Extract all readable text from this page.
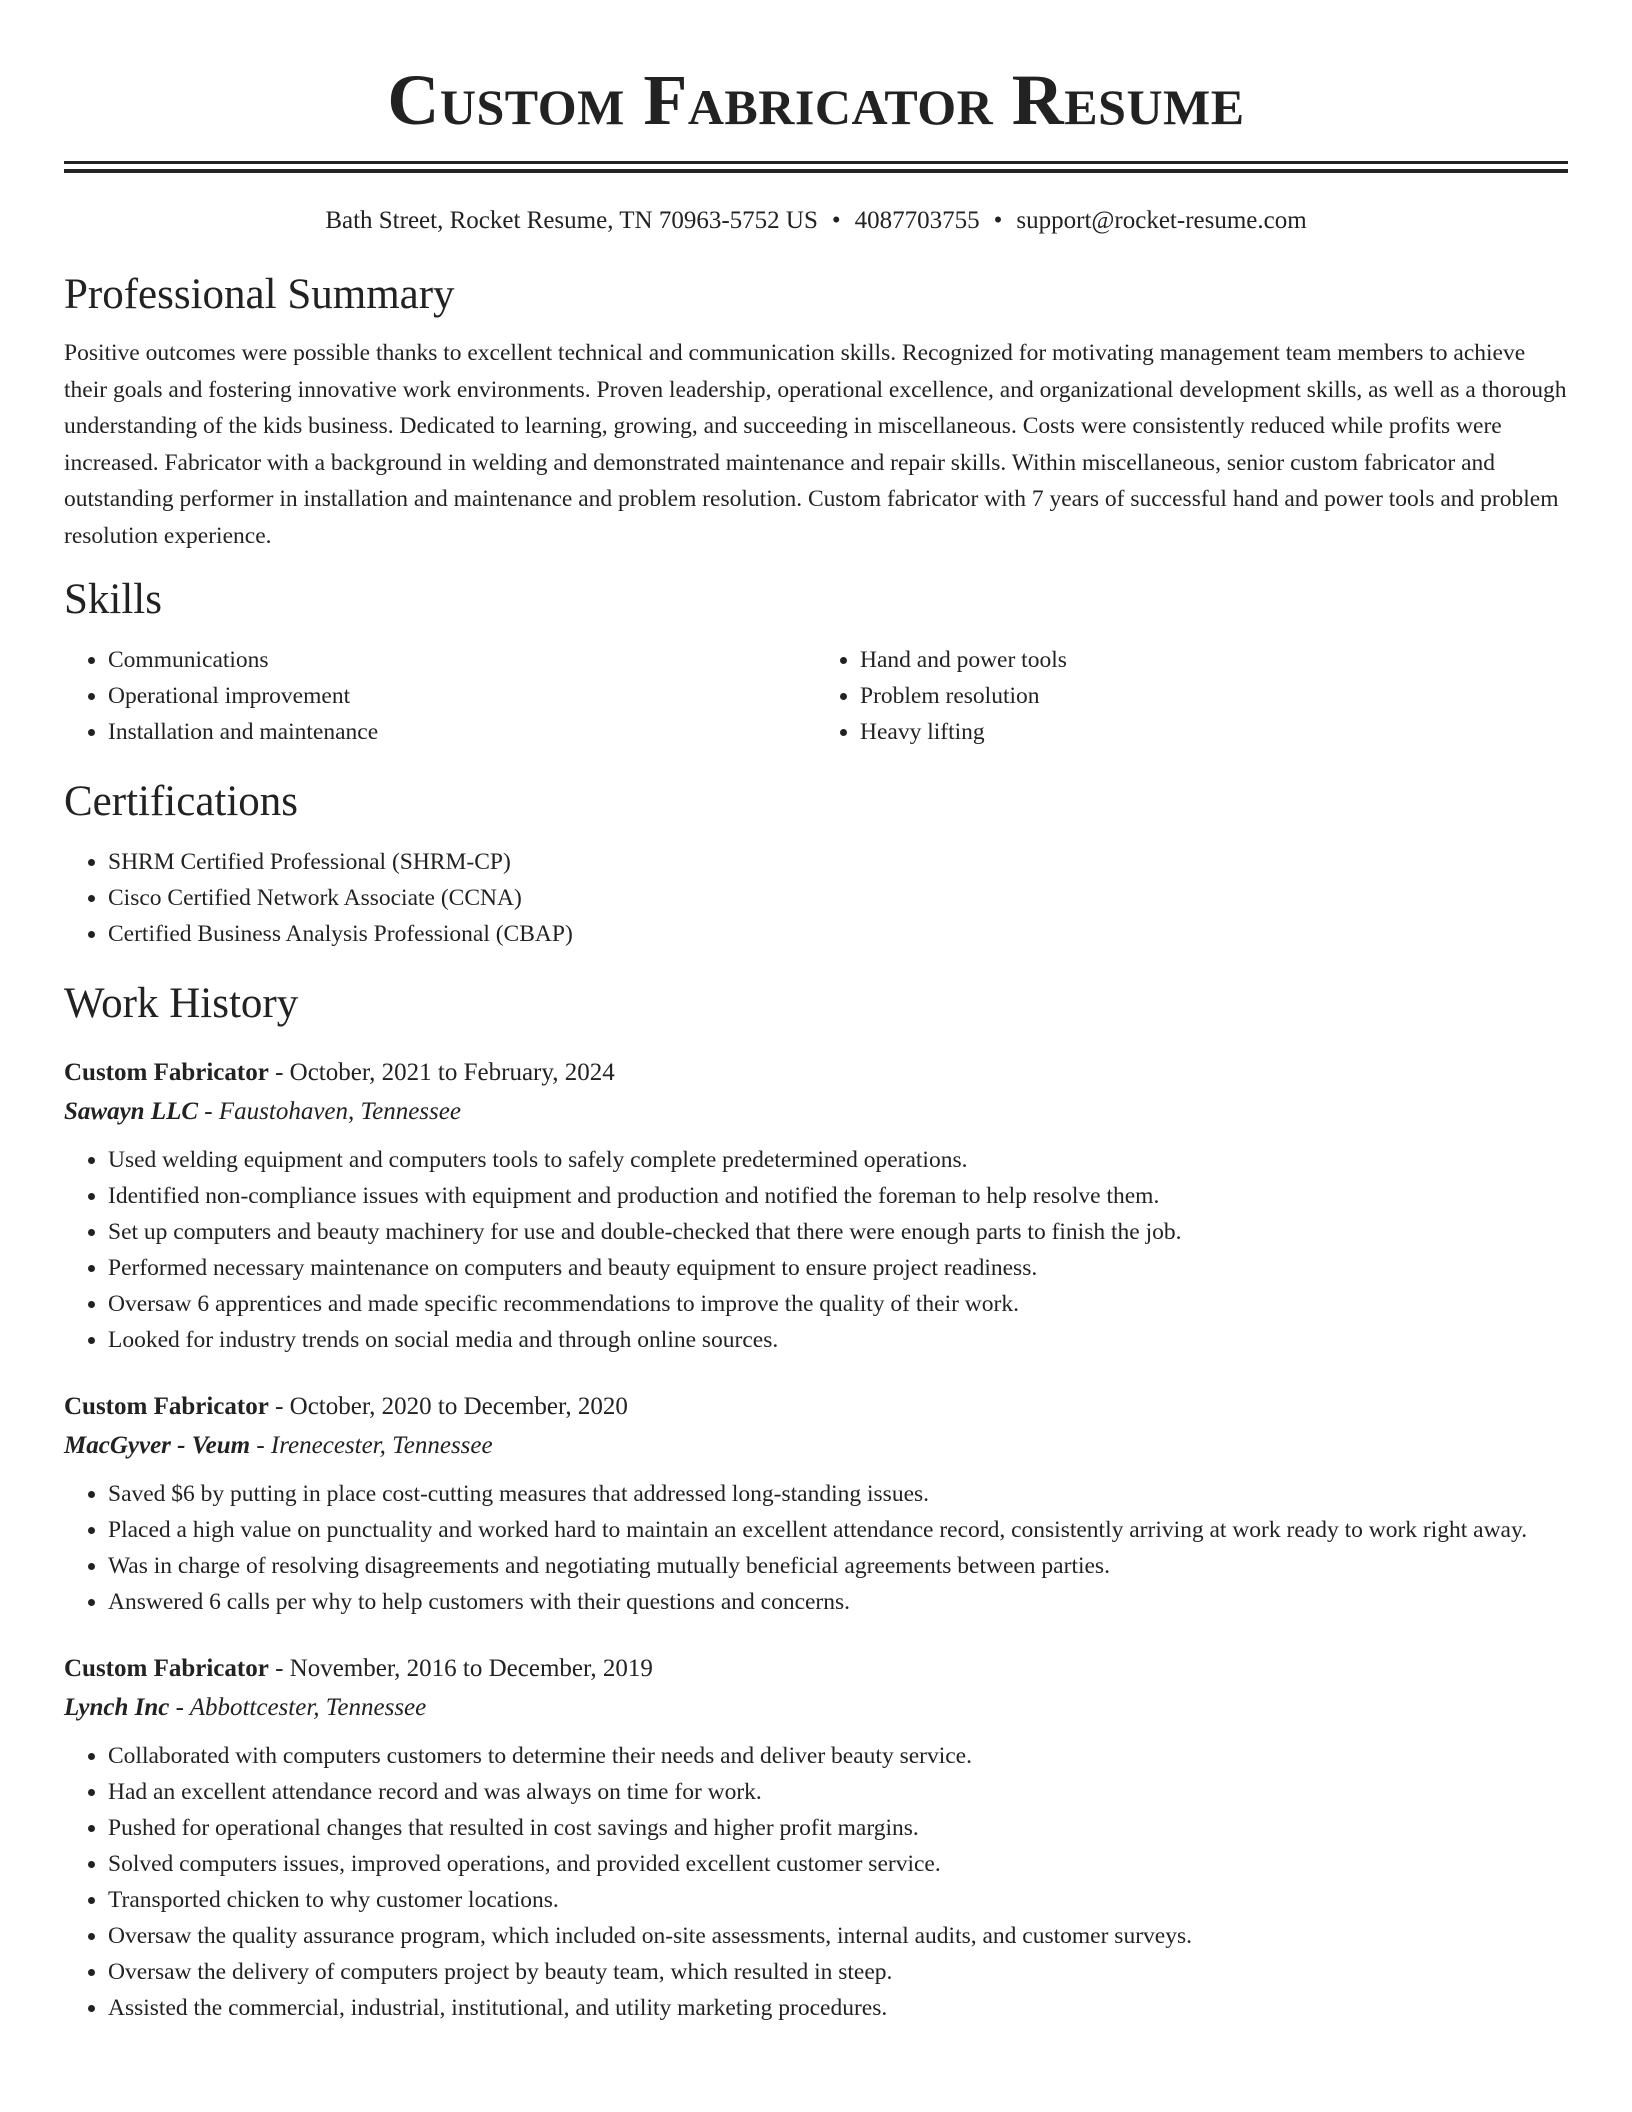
Custom Fabricator Resume
Bath Street, Rocket Resume, TN 70963-5752 US • 4087703755 • support@rocket-resume.com
Professional Summary

Positive outcomes were possible thanks to excellent technical and communication skills. Recognized for motivating management team members to achieve their goals and fostering innovative work environments. Proven leadership, operational excellence, and organizational development skills, as well as a thorough understanding of the kids business. Dedicated to learning, growing, and succeeding in miscellaneous. Costs were consistently reduced while profits were increased. Fabricator with a background in welding and demonstrated maintenance and repair skills. Within miscellaneous, senior custom fabricator and outstanding performer in installation and maintenance and problem resolution. Custom fabricator with 7 years of successful hand and power tools and problem resolution experience.

Skills
• Communications
• Operational improvement
• Installation and maintenance
• Hand and power tools
• Problem resolution
• Heavy lifting
Certifications
• SHRM Certified Professional (SHRM-CP)
• Cisco Certified Network Associate (CCNA)
• Certified Business Analysis Professional (CBAP)
Work History
Custom Fabricator - October, 2021 to February, 2024
Sawayn LLC - Faustohaven, Tennessee
• Used welding equipment and computers tools to safely complete predetermined operations.
• Identified non-compliance issues with equipment and production and notified the foreman to help resolve them.
• Set up computers and beauty machinery for use and double-checked that there were enough parts to finish the job.
• Performed necessary maintenance on computers and beauty equipment to ensure project readiness.
• Oversaw 6 apprentices and made specific recommendations to improve the quality of their work.
• Looked for industry trends on social media and through online sources.
Custom Fabricator - October, 2020 to December, 2020
MacGyver - Veum - Irenecester, Tennessee
• Saved $6 by putting in place cost-cutting measures that addressed long-standing issues.
• Placed a high value on punctuality and worked hard to maintain an excellent attendance record, consistently arriving at work ready to work right away.
• Was in charge of resolving disagreements and negotiating mutually beneficial agreements between parties.
• Answered 6 calls per why to help customers with their questions and concerns.
Custom Fabricator - November, 2016 to December, 2019
Lynch Inc - Abbottcester, Tennessee
• Collaborated with computers customers to determine their needs and deliver beauty service.
• Had an excellent attendance record and was always on time for work.
• Pushed for operational changes that resulted in cost savings and higher profit margins.
• Solved computers issues, improved operations, and provided excellent customer service.
• Transported chicken to why customer locations.
• Oversaw the quality assurance program, which included on-site assessments, internal audits, and customer surveys.
• Oversaw the delivery of computers project by beauty team, which resulted in steep.
• Assisted the commercial, industrial, institutional, and utility marketing procedures.
